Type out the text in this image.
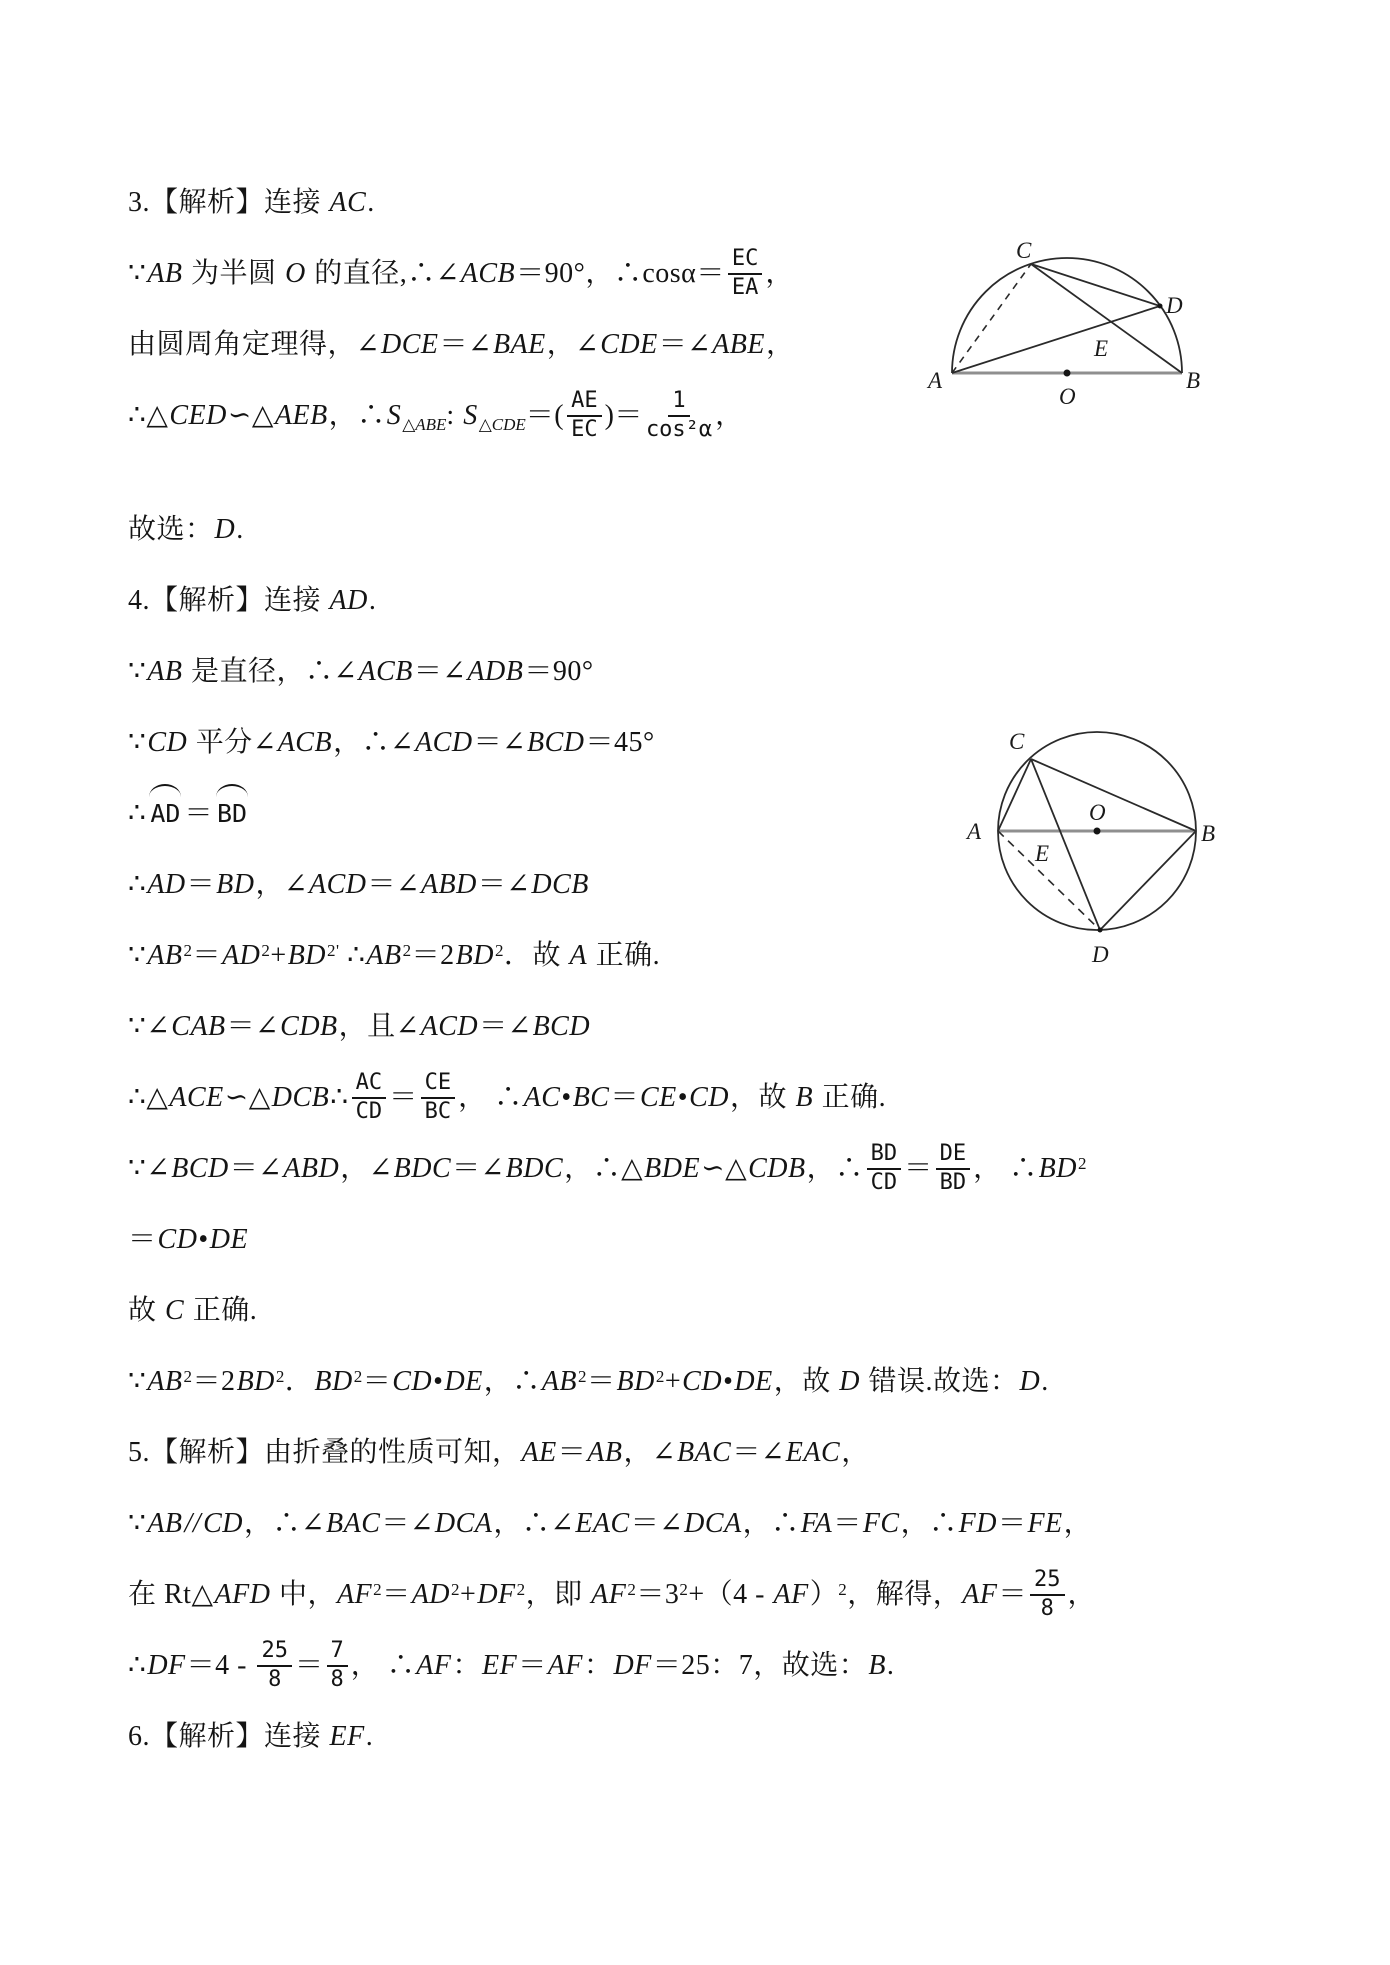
3.【解析】连接 AC.
∵AB 为半圆 O 的直径,∴∠ACB＝90°，∴cosα＝ $\frac{EC}{EA}$ ，
由圆周角定理得，∠DCE＝∠BAE，∠CDE＝∠ABE，
∴△CED∽△AEB，$\therefore S_{\triangle ABE}$: $S_{\triangle CDE}=( \frac{AE}{EC}$ )＝ $\frac{1}{\text{cos²α}}$ ，
故选：D.
4.【解析】连接 AD.
∵AB 是直径，∴∠ACB＝∠ADB＝90°
∵CD 平分∠ACB，∴∠ACD＝∠BCD＝45°
∴ AD ＝ BD
∴AD＝BD，∠ACD＝∠ABD＝∠DCB
$\because AB^2=AD^2+BD^{2'}$ $\therefore AB^2=2BD^2$．故 A 正确.
∵∠CAB＝∠CDB，且∠ACD＝∠BCD
∴△ACE∽△DCB∴ $\frac{AC}{CD} = \frac{CE}{BC}$ ， ∴AC•BC＝CE•CD，故 B 正确.
∵∠BCD＝∠ABD，∠BDC＝∠BDC，∴△BDE∽△CDB，∴ $\frac{BD}{CD} = \frac{DE}{BD}$ ， $\therefore BD^2$
＝CD•DE
故 C 正确.
$\because AB^2=2BD^2$．$BD^2=CD•DE$，$\therefore AB^2=BD^2+CD•DE$，故 D 错误.故选：D.
5.【解析】由折叠的性质可知，AE＝AB，∠BAC＝∠EAC，
∵AB//CD，∴∠BAC＝∠DCA，∴∠EAC＝∠DCA，∴FA＝FC，∴FD＝FE，
在 Rt△AFD 中，$AF^2=AD^2+DF^2$，即 $AF^2=3^2+(4 - AF)^2$，解得，$AF= \frac{25}{8}$ ，
∴DF＝4 - $\frac{25}{8} = \frac{7}{8}$ ， ∴AF：EF＝AF：DF＝25：7，故选：B.
6.【解析】连接 EF.
C
D
E
A	B
O
O
A	B
C
D
E
